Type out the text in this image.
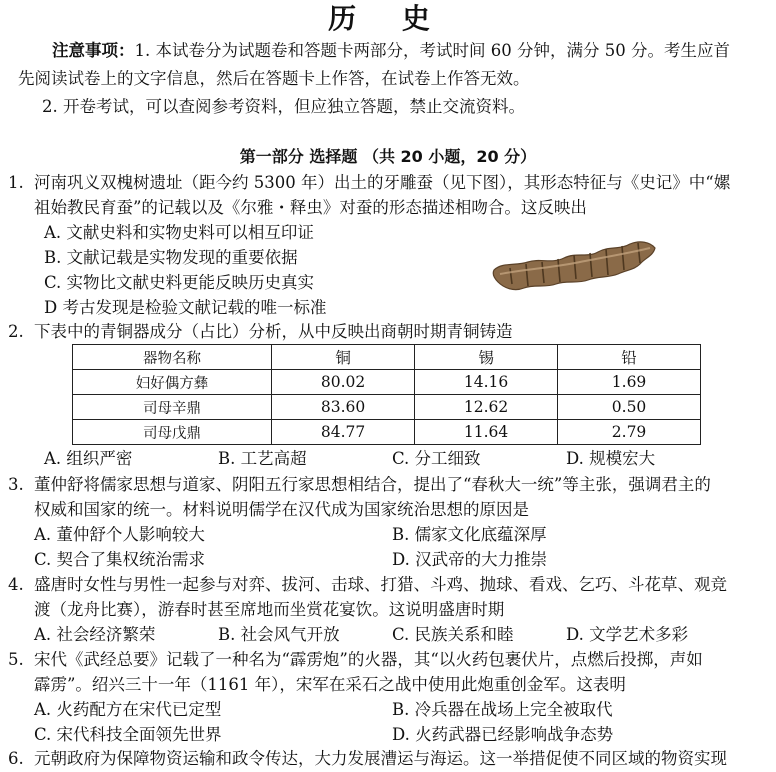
历 史
注意事项：1. 本试卷分为试题卷和答题卡两部分，考试时间 60 分钟，满分 50 分。考生应首
先阅读试卷上的文字信息，然后在答题卡上作答，在试卷上作答无效。
2. 开卷考试，可以查阅参考资料，但应独立答题，禁止交流资料。
第一部分 选择题 （共 20 小题，20 分）
1. 河南巩义双槐树遗址（距今约 5300 年）出土的牙雕蚕（见下图），其形态特征与《史记》中“嫘
祖始教民育蚕”的记载以及《尔雅・释虫》对蚕的形态描述相吻合。这反映出
A. 文献史料和实物史料可以相互印证
B. 文献记载是实物发现的重要依据
C. 实物比文献史料更能反映历史真实
D 考古发现是检验文献记载的唯一标准
2. 下表中的青铜器成分（占比）分析，从中反映出商朝时期青铜铸造
器物名称	铜	锡	铅
妇好偶方彝	80.02	14.16	1.69
司母辛鼎	83.60	12.62	0.50
司母戊鼎	84.77	11.64	2.79
A. 组织严密	B. 工艺高超	C. 分工细致	D. 规模宏大
3. 董仲舒将儒家思想与道家、阴阳五行家思想相结合，提出了“春秋大一统”等主张，强调君主的
权威和国家的统一。材料说明儒学在汉代成为国家统治思想的原因是
A. 董仲舒个人影响较大	B. 儒家文化底蕴深厚
C. 契合了集权统治需求	D. 汉武帝的大力推崇
4. 盛唐时女性与男性一起参与对弈、拔河、击球、打猎、斗鸡、抛球、看戏、乞巧、斗花草、观竞
渡（龙舟比赛），游春时甚至席地而坐赏花宴饮。这说明盛唐时期
A. 社会经济繁荣	B. 社会风气开放	C. 民族关系和睦	D. 文学艺术多彩
5. 宋代《武经总要》记载了一种名为“霹雳炮”的火器，其“以火药包裹伏片，点燃后投掷，声如
霹雳”。绍兴三十一年（1161 年），宋军在采石之战中使用此炮重创金军。这表明
A. 火药配方在宋代已定型	B. 冷兵器在战场上完全被取代
C. 宋代科技全面领先世界	D. 火药武器已经影响战争态势
6. 元朝政府为保障物资运输和政令传达，大力发展漕运与海运。这一举措促使不同区域的物资实现
